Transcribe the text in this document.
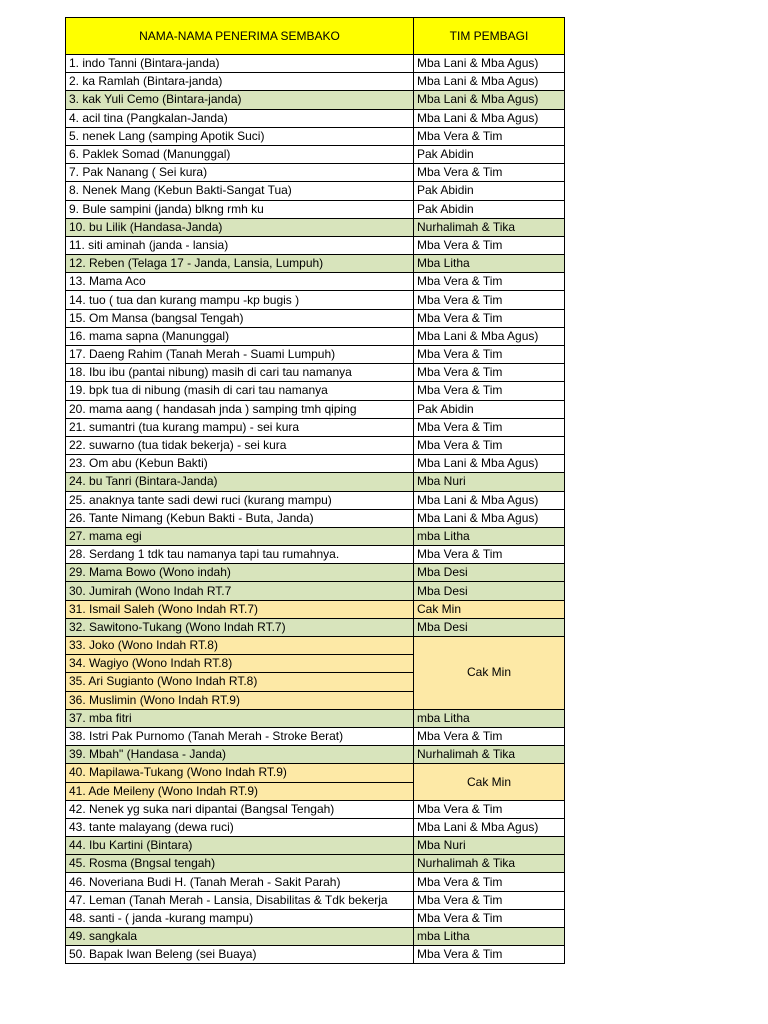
NAMA-NAMA PENERIMA SEMBAKO	TIM PEMBAGI
1. indo Tanni (Bintara-janda)	Mba Lani & Mba Agus)
2. ka Ramlah (Bintara-janda)	Mba Lani & Mba Agus)
3. kak Yuli Cemo (Bintara-janda)	Mba Lani & Mba Agus)
4. acil tina (Pangkalan-Janda)	Mba Lani & Mba Agus)
5. nenek Lang (samping Apotik Suci)	Mba Vera & Tim
6. Paklek Somad (Manunggal)	Pak Abidin
7. Pak Nanang ( Sei kura)	Mba Vera & Tim
8. Nenek Mang (Kebun Bakti-Sangat Tua)	Pak Abidin
9. Bule sampini (janda) blkng rmh ku	Pak Abidin
10. bu Lilik (Handasa-Janda)	Nurhalimah & Tika
11. siti aminah (janda - lansia)	Mba Vera & Tim
12. Reben (Telaga 17 - Janda, Lansia, Lumpuh)	Mba Litha
13. Mama Aco	Mba Vera & Tim
14. tuo ( tua dan kurang mampu -kp bugis )	Mba Vera & Tim
15. Om Mansa (bangsal Tengah)	Mba Vera & Tim
16. mama sapna (Manunggal)	Mba Lani & Mba Agus)
17. Daeng Rahim (Tanah Merah - Suami Lumpuh)	Mba Vera & Tim
18. Ibu ibu (pantai nibung) masih di cari tau namanya	Mba Vera & Tim
19. bpk tua di nibung (masih di cari tau namanya	Mba Vera & Tim
20. mama aang ( handasah jnda ) samping tmh qiping	Pak Abidin
21. sumantri (tua kurang mampu) - sei kura	Mba Vera & Tim
22. suwarno (tua tidak bekerja) - sei kura	Mba Vera & Tim
23. Om abu (Kebun Bakti)	Mba Lani & Mba Agus)
24. bu Tanri (Bintara-Janda)	Mba Nuri
25. anaknya tante sadi dewi ruci (kurang mampu)	Mba Lani & Mba Agus)
26. Tante Nimang (Kebun Bakti - Buta, Janda)	Mba Lani & Mba Agus)
27. mama egi	mba Litha
28. Serdang 1 tdk tau namanya tapi tau rumahnya.	Mba Vera & Tim
29. Mama Bowo (Wono indah)	Mba Desi
30. Jumirah (Wono Indah RT.7	Mba Desi
31. Ismail Saleh (Wono Indah RT.7)	Cak Min
32. Sawitono-Tukang (Wono Indah RT.7)	Mba Desi
33. Joko (Wono Indah RT.8)	Cak Min
34. Wagiyo (Wono Indah RT.8)	
35. Ari Sugianto (Wono Indah RT.8)	
36. Muslimin (Wono Indah RT.9)	
37. mba fitri	mba Litha
38. Istri Pak Purnomo (Tanah Merah - Stroke Berat)	Mba Vera & Tim
39. Mbah" (Handasa - Janda)	Nurhalimah & Tika
40. Mapilawa-Tukang (Wono Indah RT.9)	Cak Min
41. Ade Meileny (Wono Indah RT.9)	
42. Nenek yg suka nari dipantai (Bangsal Tengah)	Mba Vera & Tim
43. tante malayang (dewa ruci)	Mba Lani & Mba Agus)
44. Ibu Kartini (Bintara)	Mba Nuri
45. Rosma (Bngsal tengah)	Nurhalimah & Tika
46. Noveriana Budi H. (Tanah Merah - Sakit Parah)	Mba Vera & Tim
47. Leman (Tanah Merah - Lansia, Disabilitas & Tdk bekerja	Mba Vera & Tim
48. santi - ( janda -kurang mampu)	Mba Vera & Tim
49. sangkala	mba Litha
50. Bapak Iwan Beleng (sei Buaya)	Mba Vera & Tim
